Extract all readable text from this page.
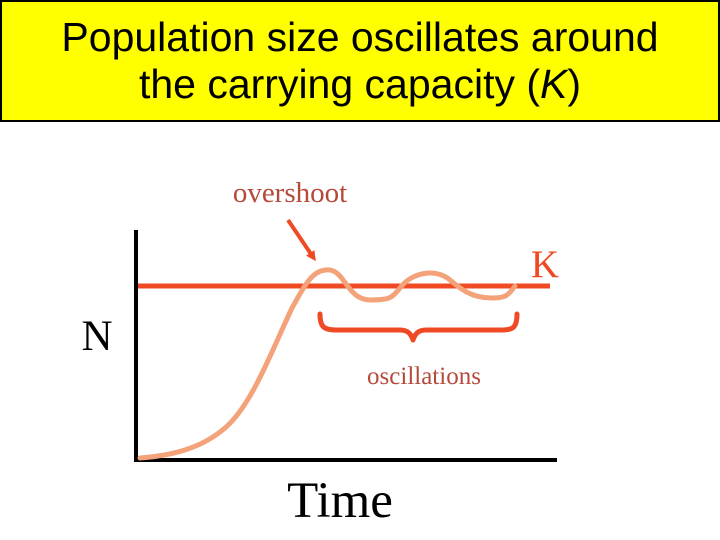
Population size oscillates around
the carrying capacity (K)
overshoot
K
N
oscillations
Time
